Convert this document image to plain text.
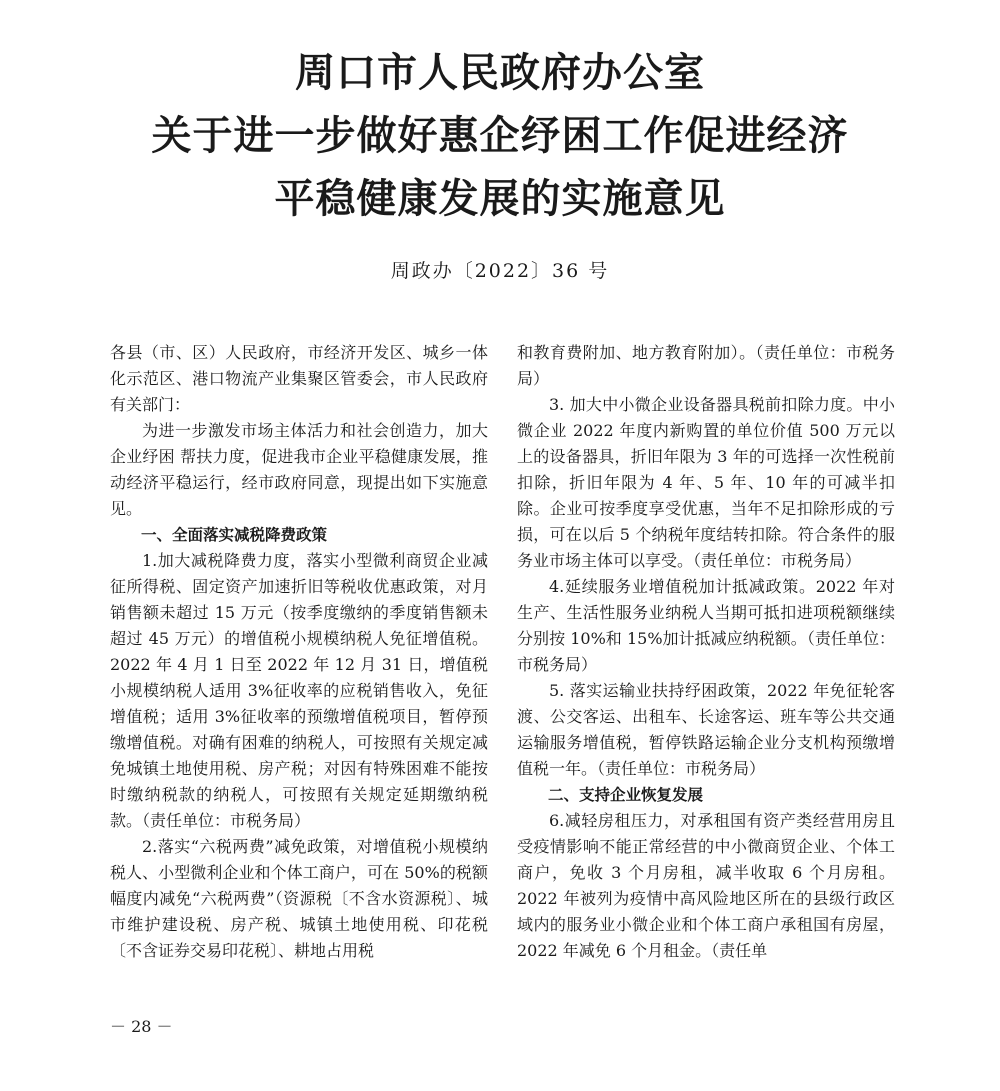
周口市人民政府办公室
关于进一步做好惠企纾困工作促进经济
平稳健康发展的实施意见
周政办〔2022〕36 号

各县（市、区）人民政府，市经济开发区、城乡一体化示范区、港口物流产业集聚区管委会，市人民政府有关部门：

为进一步激发市场主体活力和社会创造力，加大企业纾困 帮扶力度，促进我市企业平稳健康发展，推动经济平稳运行，经市政府同意，现提出如下实施意见。

一、全面落实减税降费政策

1.加大减税降费力度，落实小型微利商贸企业减征所得税、固定资产加速折旧等税收优惠政策，对月销售额未超过 15 万元（按季度缴纳的季度销售额未超过 45 万元）的增值税小规模纳税人免征增值税。2022 年 4 月 1 日至 2022 年 12 月 31 日，增值税小规模纳税人适用 3%征收率的应税销售收入，免征增值税；适用 3%征收率的预缴增值税项目，暂停预缴增值税。对确有困难的纳税人，可按照有关规定减免城镇土地使用税、房产税；对因有特殊困难不能按时缴纳税款的纳税人，可按照有关规定延期缴纳税款。（责任单位：市税务局）

2.落实“六税两费”减免政策，对增值税小规模纳税人、小型微利企业和个体工商户，可在 50%的税额幅度内减免“六税两费”（资源税〔不含水资源税〕、城市维护建设税、房产税、城镇土地使用税、印花税〔不含证券交易印花税〕、耕地占用税

和教育费附加、地方教育附加）。（责任单位：市税务局）

3. 加大中小微企业设备器具税前扣除力度。中小微企业 2022 年度内新购置的单位价值 500 万元以上的设备器具，折旧年限为 3 年的可选择一次性税前扣除，折旧年限为 4 年、5 年、10 年的可减半扣除。企业可按季度享受优惠，当年不足扣除形成的亏损，可在以后 5 个纳税年度结转扣除。符合条件的服务业市场主体可以享受。（责任单位：市税务局）

4.延续服务业增值税加计抵减政策。2022 年对生产、生活性服务业纳税人当期可抵扣进项税额继续分别按 10%和 15%加计抵减应纳税额。（责任单位：市税务局）

5. 落实运输业扶持纾困政策，2022 年免征轮客渡、公交客运、出租车、长途客运、班车等公共交通运输服务增值税，暂停铁路运输企业分支机构预缴增值税一年。（责任单位：市税务局）

二、支持企业恢复发展

6.减轻房租压力，对承租国有资产类经营用房且受疫情影响不能正常经营的中小微商贸企业、个体工商户，免收 3 个月房租，减半收取 6 个月房租。2022 年被列为疫情中高风险地区所在的县级行政区域内的服务业小微企业和个体工商户承租国有房屋，2022 年减免 6 个月租金。（责任单

－ 28 －
